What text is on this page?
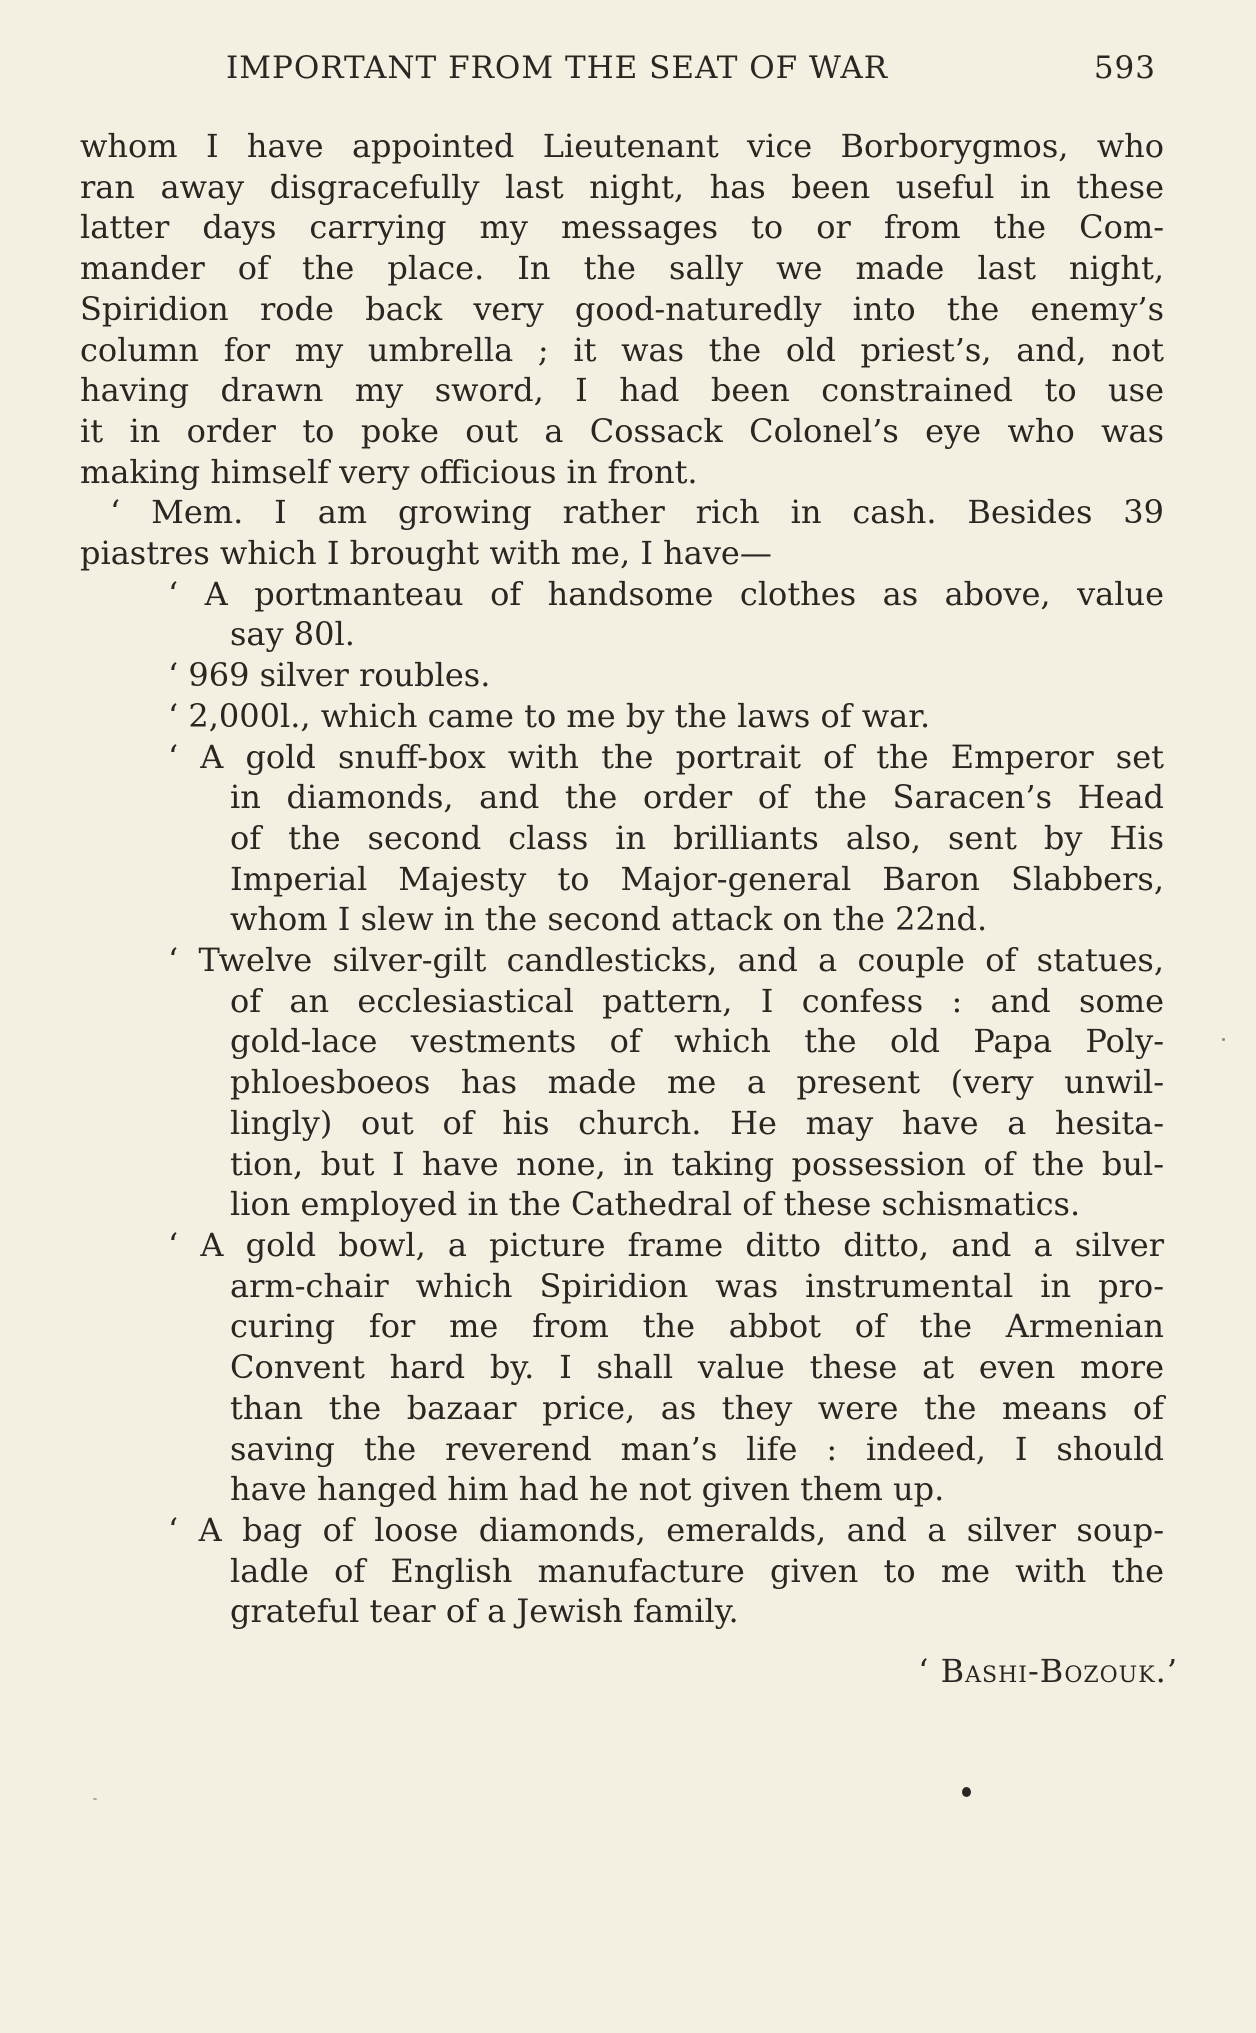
IMPORTANT FROM THE SEAT OF WAR	593

whom I have appointed Lieutenant vice Borborygmos, who
ran away disgracefully last night, has been useful in these
latter days carrying my messages to or from the Com-
mander of the place. In the sally we made last night,
Spiridion rode back very good-naturedly into the enemy’s
column for my umbrella ; it was the old priest’s, and, not
having drawn my sword, I had been constrained to use
it in order to poke out a Cossack Colonel’s eye who was
making himself very officious in front.

‘ Mem. I am growing rather rich in cash. Besides 39
piastres which I brought with me, I have—

‘ A portmanteau of handsome clothes as above, value
say 80l.

‘ 969 silver roubles.

‘ 2,000l., which came to me by the laws of war.

‘ A gold snuff-box with the portrait of the Emperor set
in diamonds, and the order of the Saracen’s Head
of the second class in brilliants also, sent by His
Imperial Majesty to Major-general Baron Slabbers,
whom I slew in the second attack on the 22nd.

‘ Twelve silver-gilt candlesticks, and a couple of statues,
of an ecclesiastical pattern, I confess : and some
gold-lace vestments of which the old Papa Poly-
phloesboeos has made me a present (very unwil-
lingly) out of his church. He may have a hesita-
tion, but I have none, in taking possession of the bul-
lion employed in the Cathedral of these schismatics.

‘ A gold bowl, a picture frame ditto ditto, and a silver
arm-chair which Spiridion was instrumental in pro-
curing for me from the abbot of the Armenian
Convent hard by. I shall value these at even more
than the bazaar price, as they were the means of
saving the reverend man’s life : indeed, I should
have hanged him had he not given them up.

‘ A bag of loose diamonds, emeralds, and a silver soup-
ladle of English manufacture given to me with the
grateful tear of a Jewish family.

‘ Bashi-Bozouk.’
